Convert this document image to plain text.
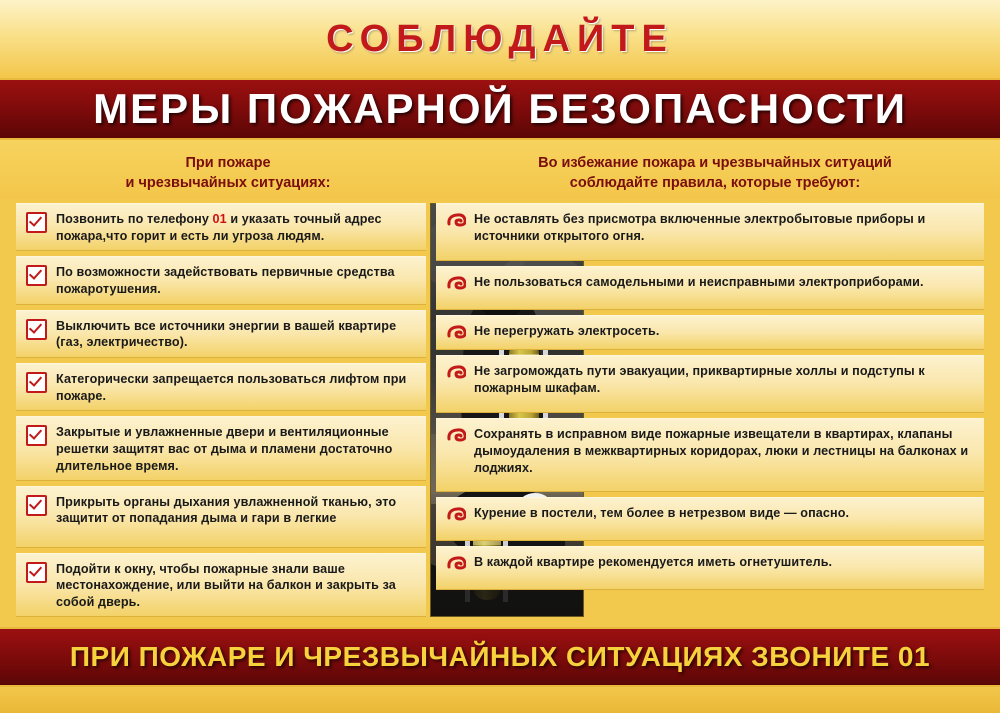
СОБЛЮДАЙТЕ
МЕРЫ ПОЖАРНОЙ БЕЗОПАСНОСТИ
При пожаре
и чрезвычайных ситуациях:
Во избежание пожара и чрезвычайных ситуаций
соблюдайте правила, которые требуют:
Позвонить по телефону 01 и указать точный адрес пожара,что горит и есть ли угроза людям.
По возможности задействовать первичные средства пожаротушения.
Выключить все источники энергии в вашей квартире (газ, электричество).
Категорически запрещается пользоваться лифтом при пожаре.
Закрытые и увлажненные двери и вентиляционные решетки защитят вас от дыма и пламени достаточно длительное время.
Прикрыть органы дыхания увлажненной тканью, это защитит от попадания дыма и гари в легкие
Подойти к окну, чтобы пожарные знали ваше местонахождение, или выйти на балкон и закрыть за собой дверь.
Не оставлять без присмотра включенные электробытовые приборы и источники открытого огня.
Не пользоваться самодельными и неисправными электроприборами.
Не перегружать электросеть.
Не загромождать пути эвакуации, приквартирные холлы и подступы к пожарным шкафам.
Сохранять в исправном виде пожарные извещатели в квартирах, клапаны дымоудаления в межквартирных коридорах, люки и лестницы на балконах и лоджиях.
Курение в постели, тем более в нетрезвом виде — опасно.
В каждой квартире рекомендуется иметь огнетушитель.
ПРИ ПОЖАРЕ И ЧРЕЗВЫЧАЙНЫХ СИТУАЦИЯХ ЗВОНИТЕ 01
